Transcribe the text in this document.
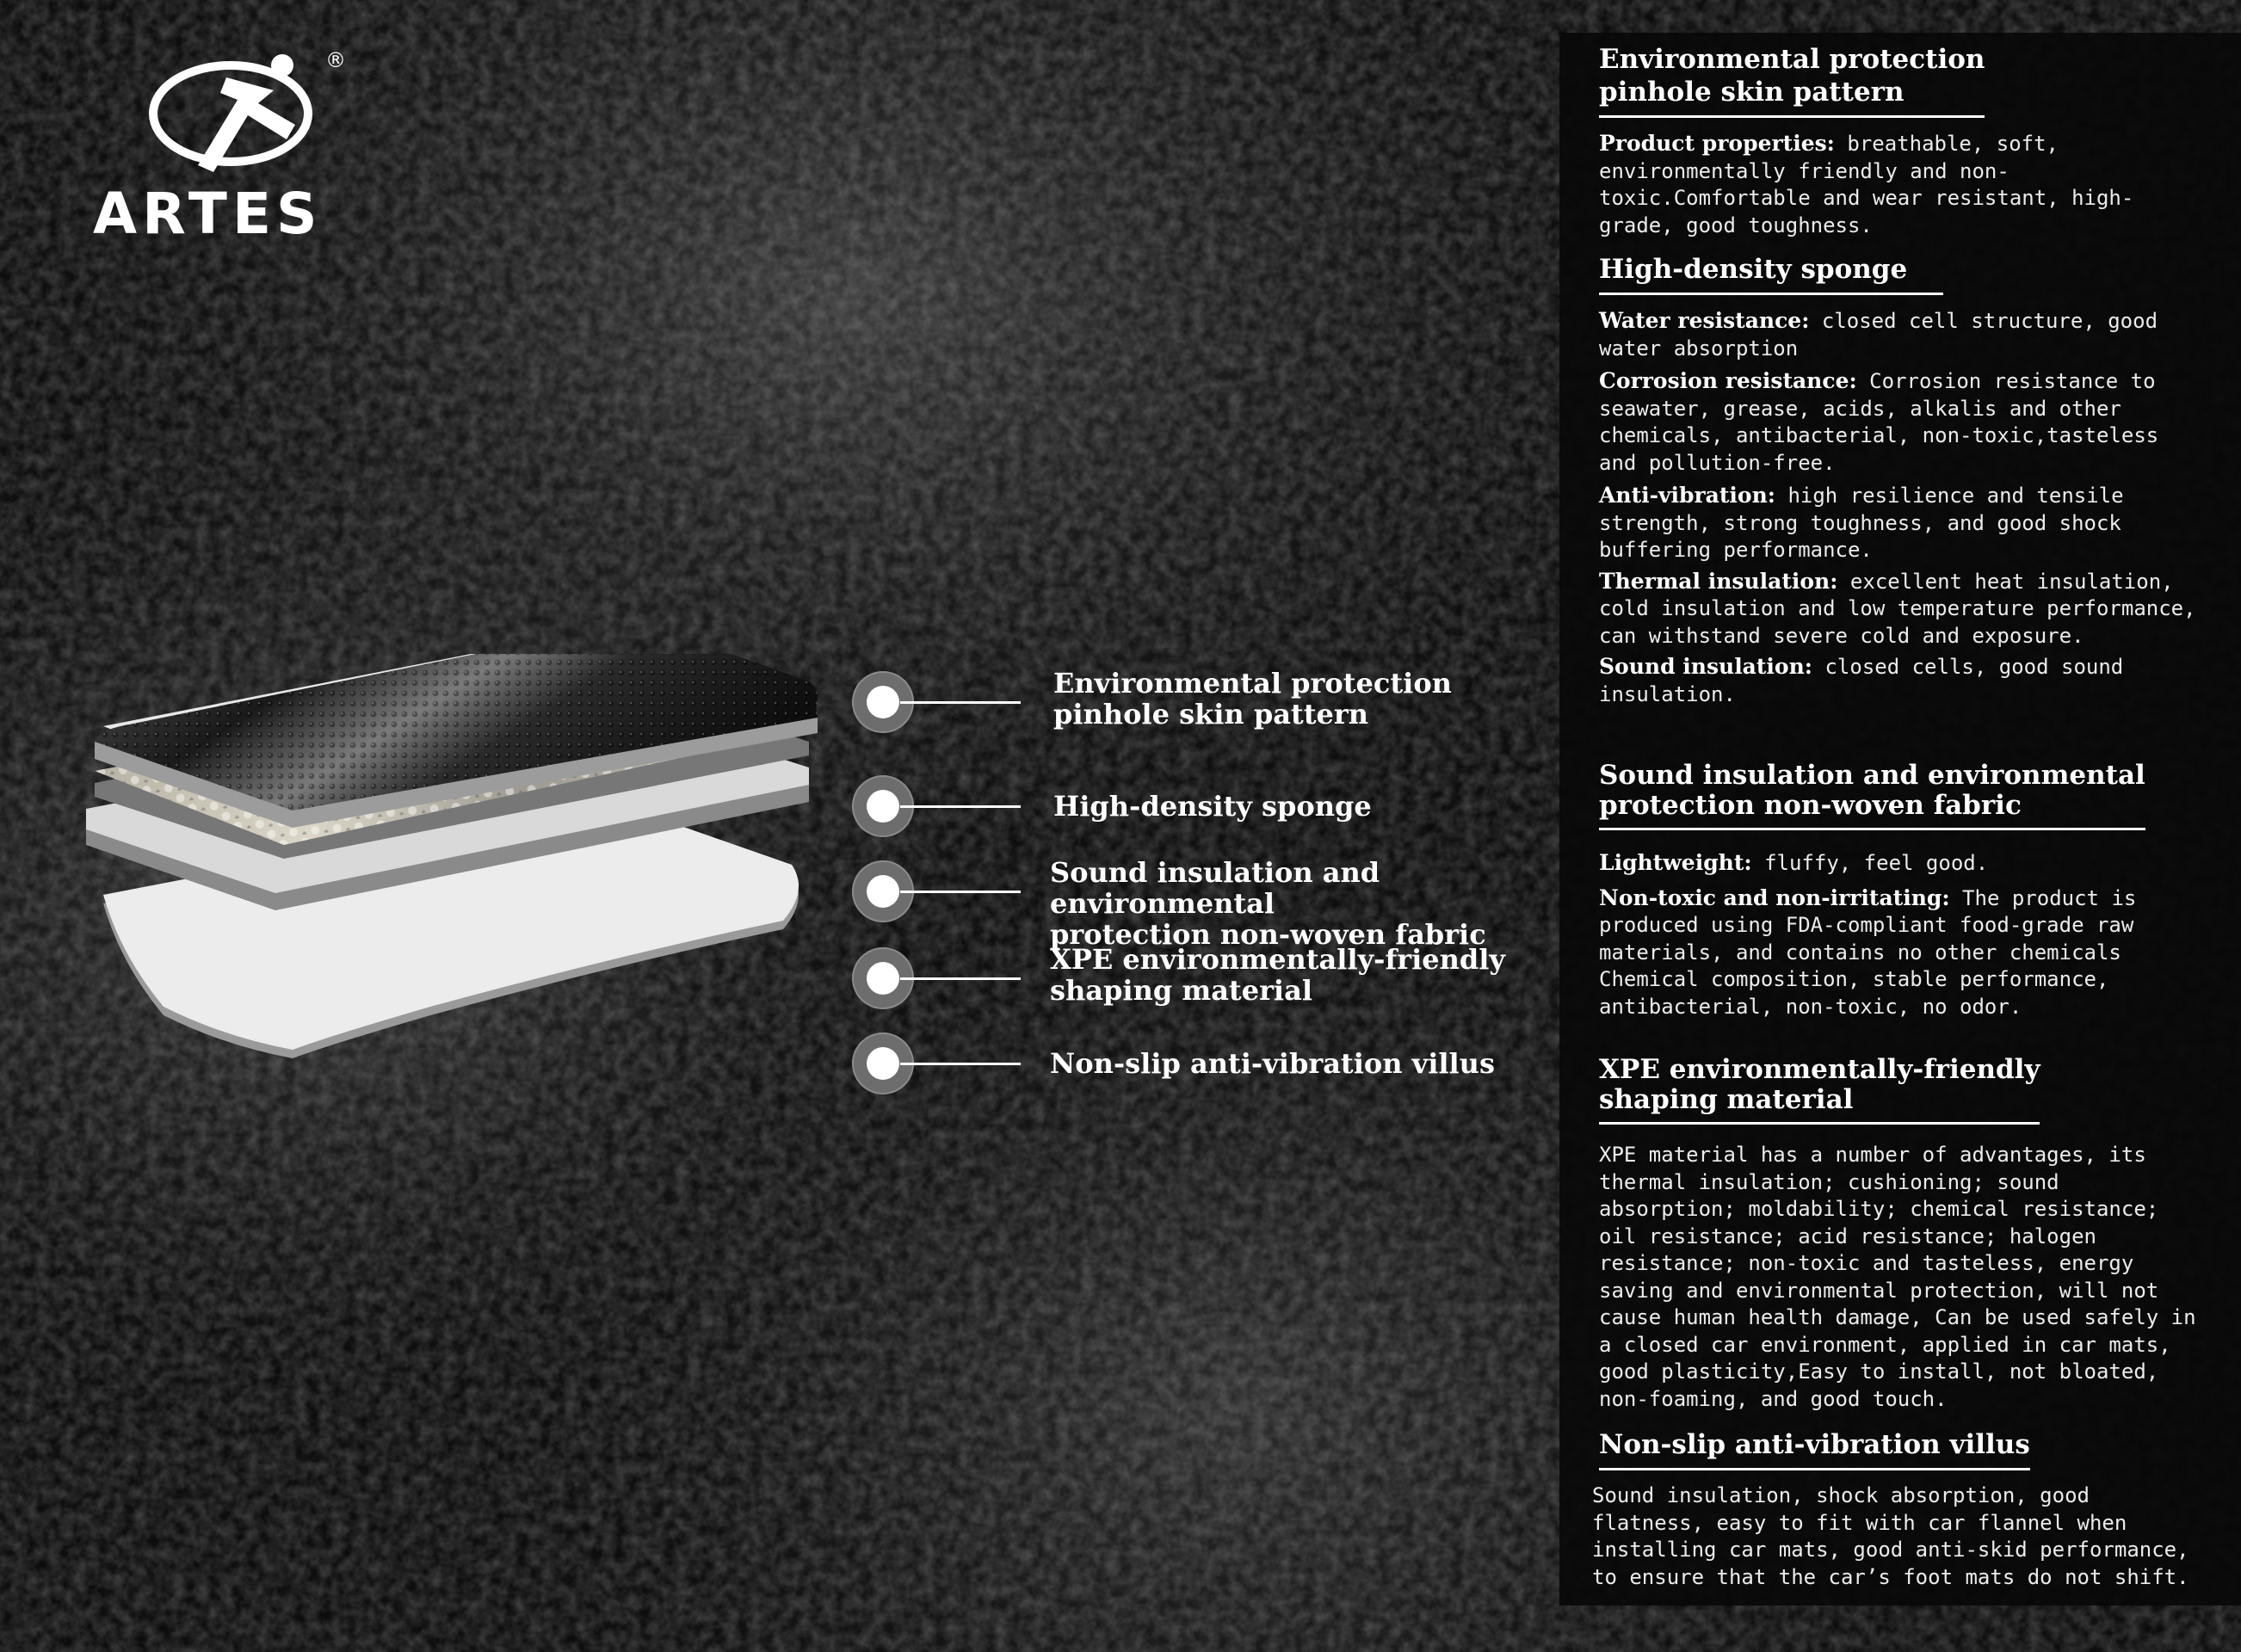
®
ARTES
Environmental protection
pinhole skin pattern
High-density sponge
Sound insulation and environmental
protection non-woven fabric
XPE environmentally-friendly
shaping material
Non-slip anti-vibration villus
Environmental protection
pinhole skin pattern

Product properties: breathable, soft, environmentally friendly and non-toxic.Comfortable and wear resistant, high-grade, good toughness.

High-density sponge

Water resistance: closed cell structure, good water absorption

Corrosion resistance: Corrosion resistance to seawater, grease, acids, alkalis and other chemicals, antibacterial, non-toxic,tasteless and pollution-free.

Anti-vibration: high resilience and tensile strength, strong toughness, and good shock buffering performance.

Thermal insulation: excellent heat insulation, cold insulation and low temperature performance, can withstand severe cold and exposure.

Sound insulation: closed cells, good sound insulation.

Sound insulation and environmental
protection non-woven fabric

Lightweight: fluffy, feel good.

Non-toxic and non-irritating: The product is produced using FDA-compliant food-grade raw materials, and contains no other chemicals Chemical composition, stable performance, antibacterial, non-toxic, no odor.

XPE environmentally-friendly
shaping material

XPE material has a number of advantages, its thermal insulation; cushioning; sound absorption; moldability; chemical resistance; oil resistance; acid resistance; halogen resistance; non-toxic and tasteless, energy saving and environmental protection, will not cause human health damage, Can be used safely in a closed car environment, applied in car mats, good plasticity,Easy to install, not bloated, non-foaming, and good touch.

Non-slip anti-vibration villus

Sound insulation, shock absorption, good flatness, easy to fit with car flannel when installing car mats, good anti-skid performance, to ensure that the car’s foot mats do not shift.
